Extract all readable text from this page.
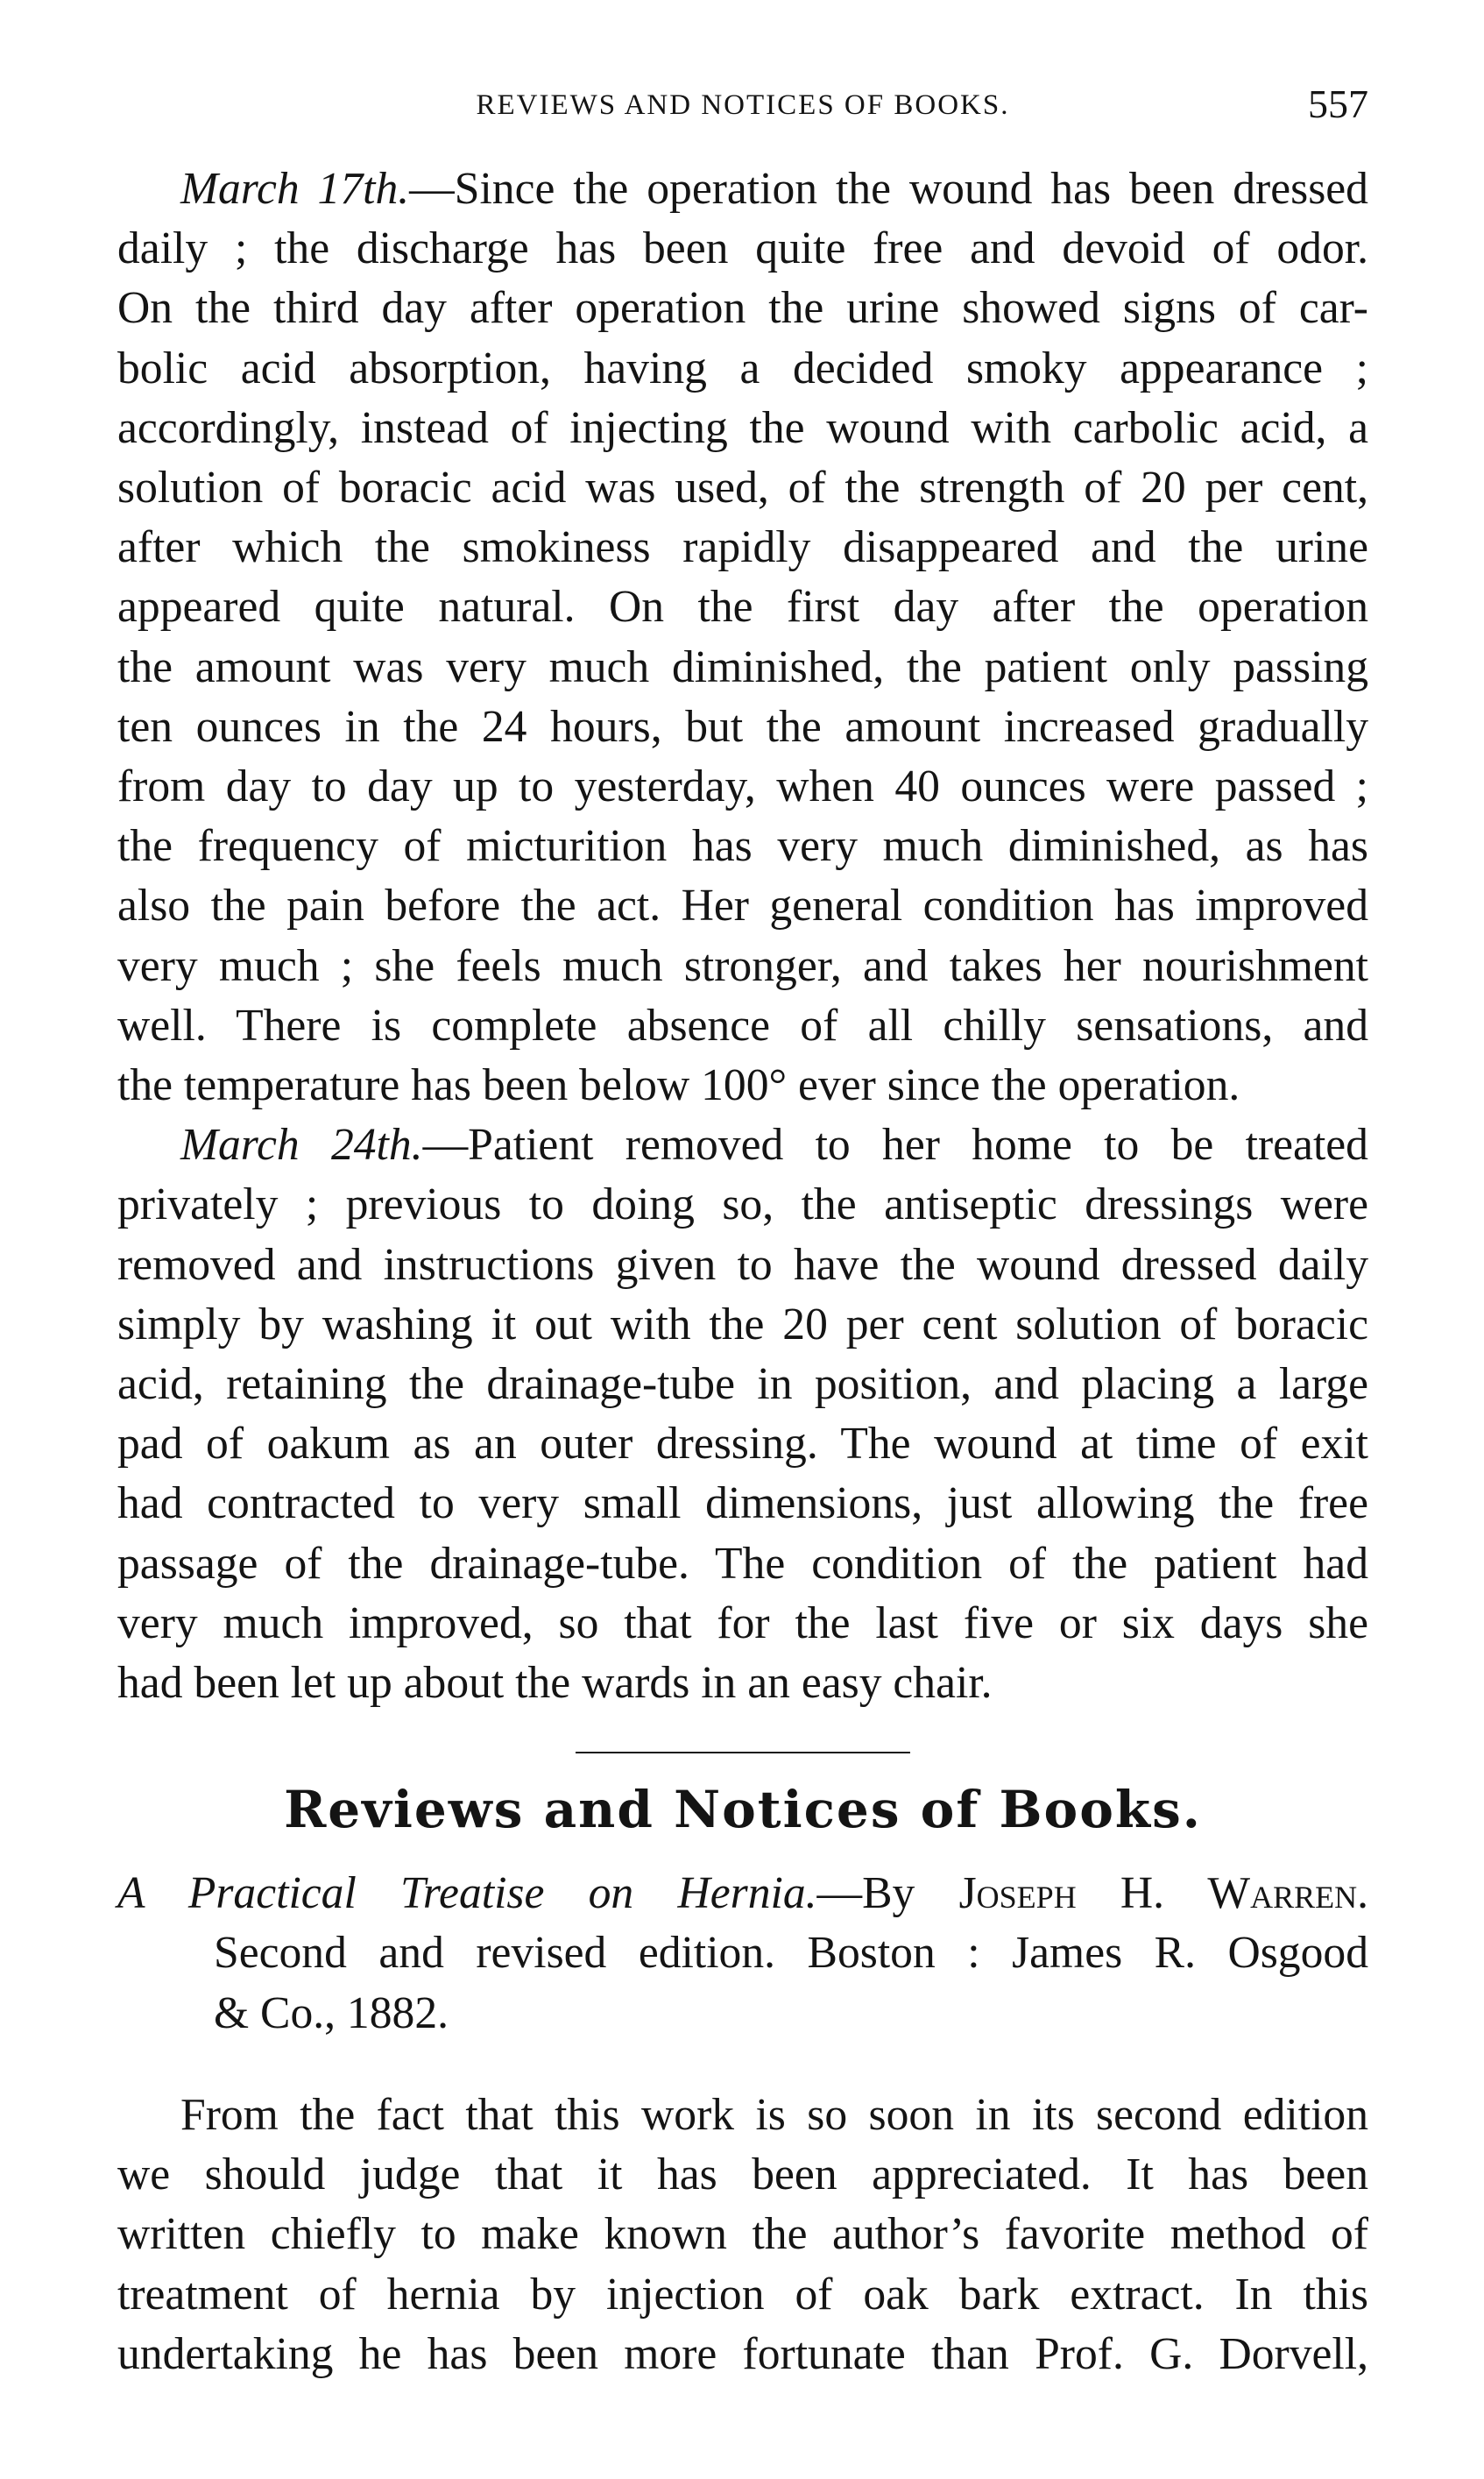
REVIEWS AND NOTICES OF BOOKS.	557

March 17th.—Since the operation the wound has been dressed
daily ; the discharge has been quite free and devoid of odor.
On the third day after operation the urine showed signs of car-
bolic acid absorption, having a decided smoky appearance ;
accordingly, instead of injecting the wound with carbolic acid, a
solution of boracic acid was used, of the strength of 20 per cent,
after which the smokiness rapidly disappeared and the urine
appeared quite natural. On the first day after the operation
the amount was very much diminished, the patient only passing
ten ounces in the 24 hours, but the amount increased gradually
from day to day up to yesterday, when 40 ounces were passed ;
the frequency of micturition has very much diminished, as has
also the pain before the act. Her general condition has improved
very much ; she feels much stronger, and takes her nourishment
well. There is complete absence of all chilly sensations, and
the temperature has been below 100° ever since the operation.

March 24th.—Patient removed to her home to be treated
privately ; previous to doing so, the antiseptic dressings were
removed and instructions given to have the wound dressed daily
simply by washing it out with the 20 per cent solution of boracic
acid, retaining the drainage-tube in position, and placing a large
pad of oakum as an outer dressing. The wound at time of exit
had contracted to very small dimensions, just allowing the free
passage of the drainage-tube. The condition of the patient had
very much improved, so that for the last five or six days she
had been let up about the wards in an easy chair.

Reviews and Notices of Books.

A Practical Treatise on Hernia.—By Joseph H. Warren.
Second and revised edition. Boston : James R. Osgood
& Co., 1882.

From the fact that this work is so soon in its second edition
we should judge that it has been appreciated. It has been
written chiefly to make known the author’s favorite method of
treatment of hernia by injection of oak bark extract. In this
undertaking he has been more fortunate than Prof. G. Dorvell,
